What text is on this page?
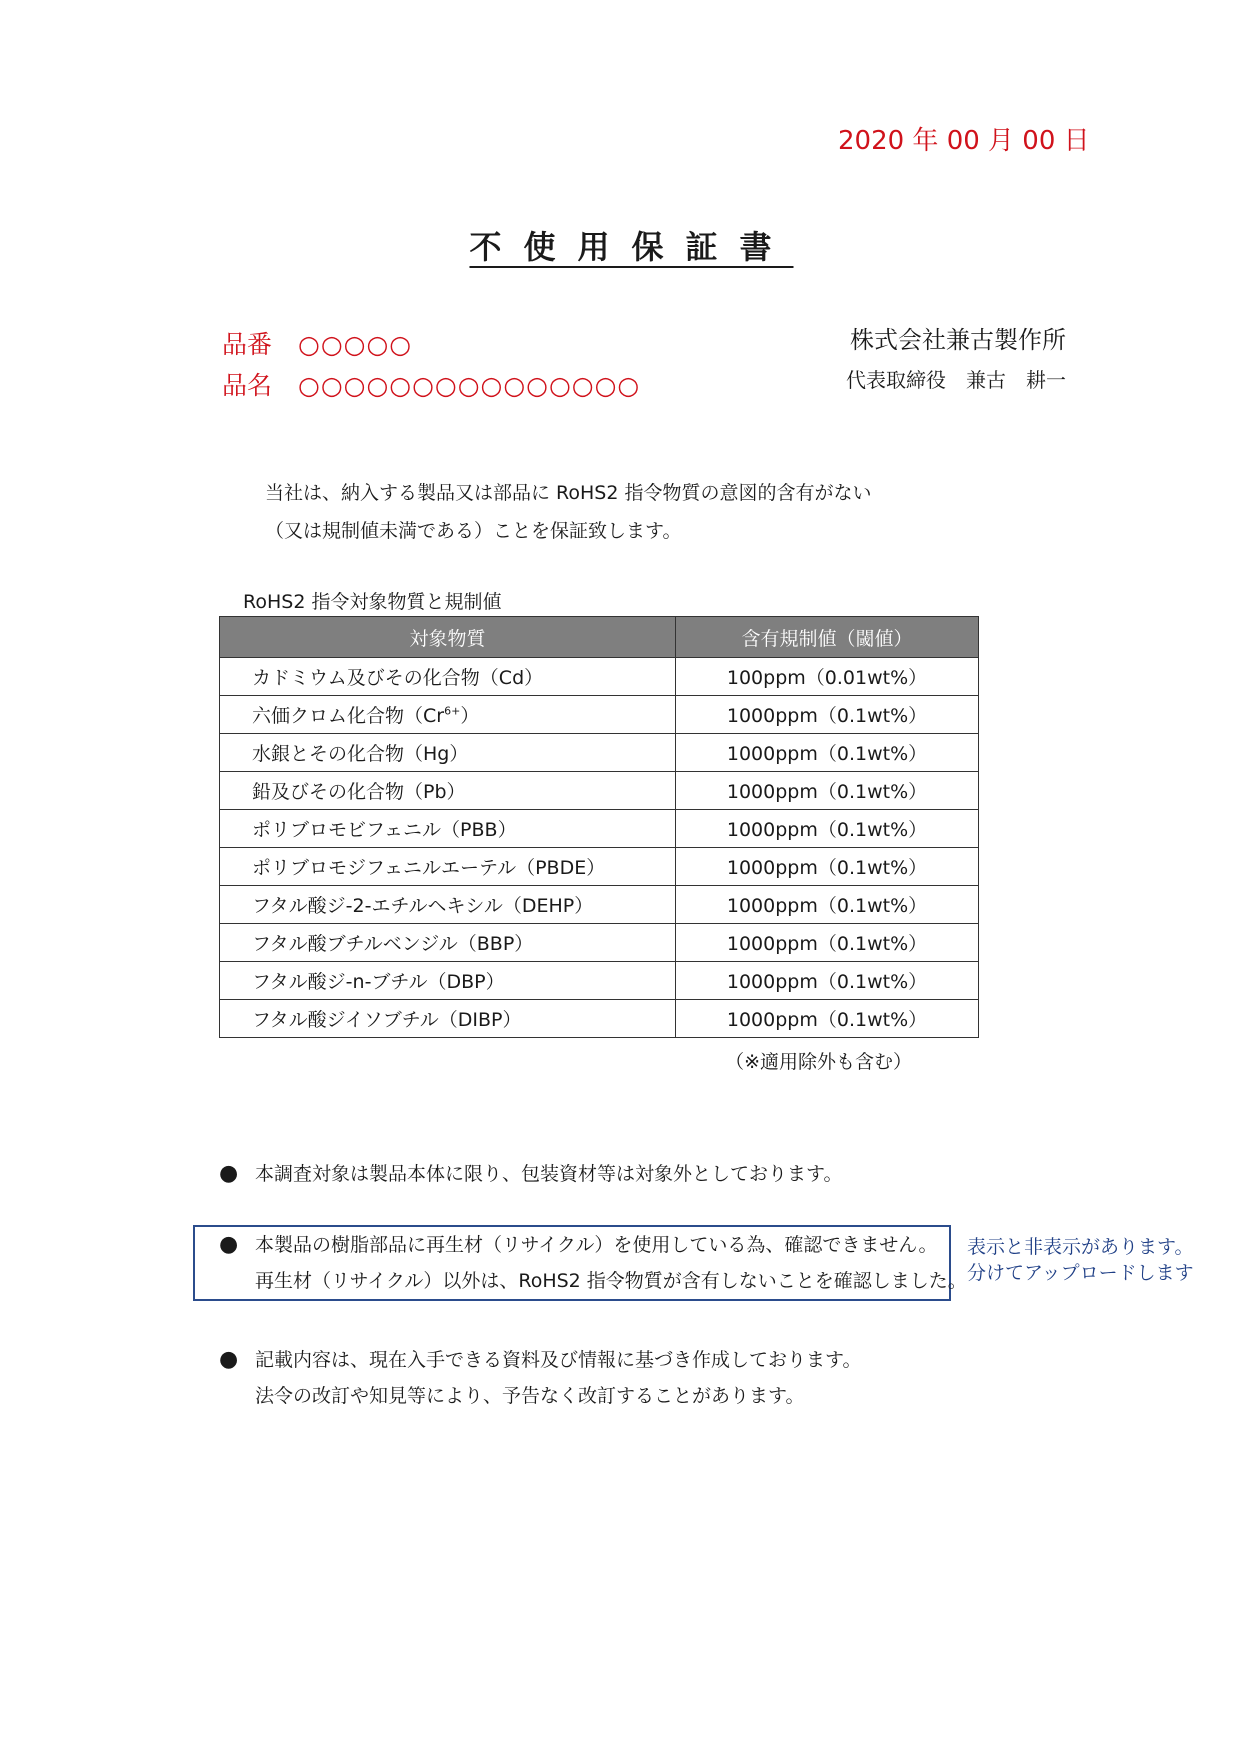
2020 年 00 月 00 日
不使用保証書
品番 ○○○○○
品名 ○○○○○○○○○○○○○○○
株式会社兼古製作所
代表取締役　兼古　耕一
当社は、納入する製品又は部品に RoHS2 指令物質の意図的含有がない
（又は規制値未満である）ことを保証致します。
RoHS2 指令対象物質と規制値
対象物質	含有規制値（閾値）
カドミウム及びその化合物（Cd）	100ppm（0.01wt%）
六価クロム化合物$(Cr^{6+})$	1000ppm（0.1wt%）
水銀とその化合物（Hg）	1000ppm（0.1wt%）
鉛及びその化合物（Pb）	1000ppm（0.1wt%）
ポリブロモビフェニル（PBB）	1000ppm（0.1wt%）
ポリブロモジフェニルエーテル（PBDE）	1000ppm（0.1wt%）
フタル酸ジ-2-エチルヘキシル（DEHP）	1000ppm（0.1wt%）
フタル酸ブチルベンジル（BBP）	1000ppm（0.1wt%）
フタル酸ジ-n-ブチル（DBP）	1000ppm（0.1wt%）
フタル酸ジイソブチル（DIBP）	1000ppm（0.1wt%）
（※適用除外も含む）
● 本調査対象は製品本体に限り、包装資材等は対象外としております。
● 本製品の樹脂部品に再生材（リサイクル）を使用している為、確認できません。
再生材（リサイクル）以外は、RoHS2 指令物質が含有しないことを確認しました。
表示と非表示があります。
分けてアップロードします
● 記載内容は、現在入手できる資料及び情報に基づき作成しております。
法令の改訂や知見等により、予告なく改訂することがあります。
